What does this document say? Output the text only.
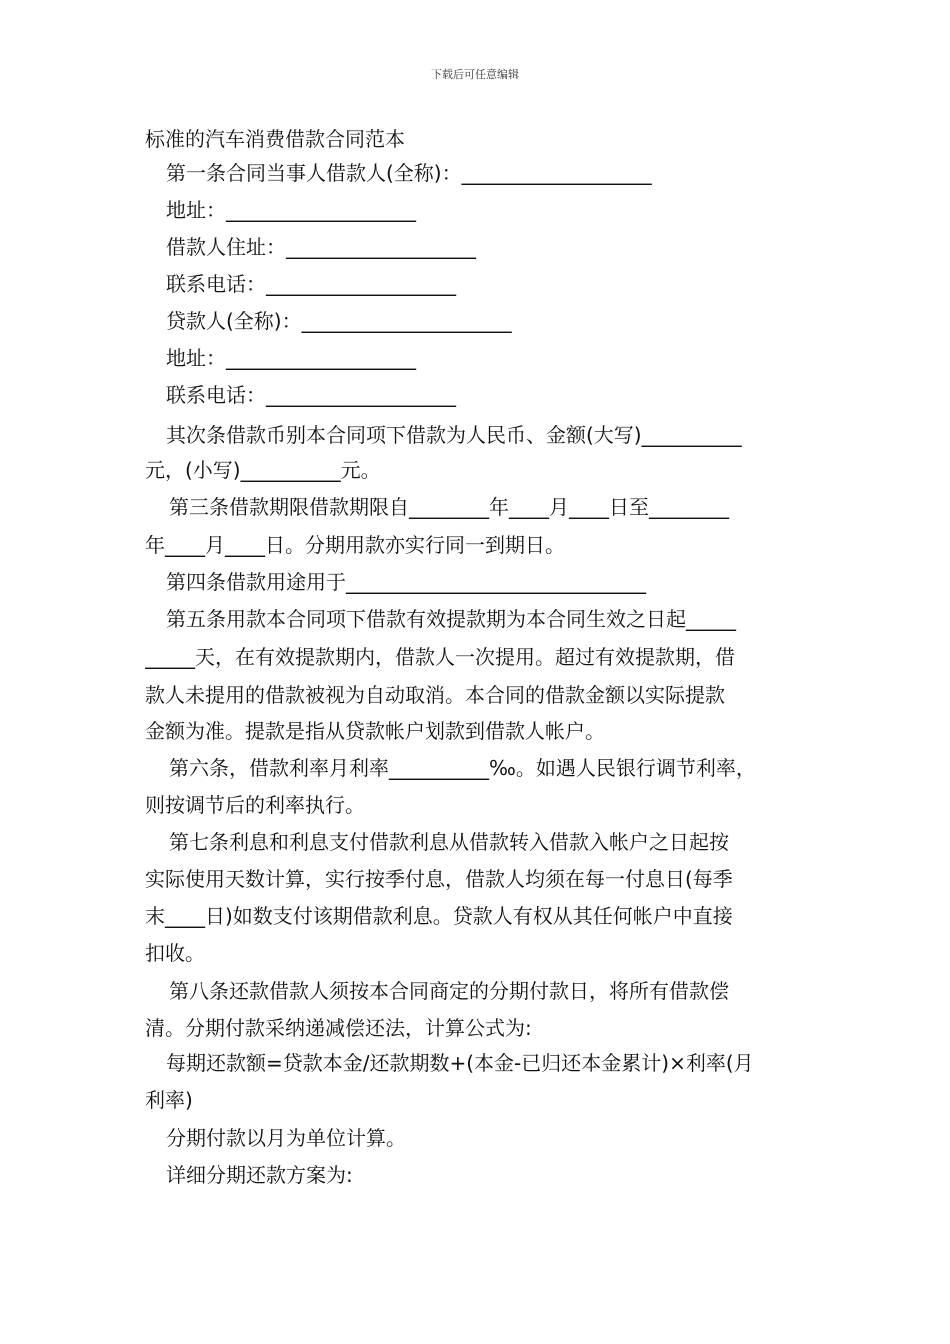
下载后可任意编辑
标准的汽车消费借款合同范本
第一条合同当事人借款人(全称)：___________________
地址：___________________
借款人住址：___________________
联系电话：___________________
贷款人(全称)：_____________________
地址：___________________
联系电话：___________________
其次条借款币别本合同项下借款为人民币、金额(大写)__________
元，(小写)__________元。
第三条借款期限借款期限自________年____月____日至________
年____月____日。分期用款亦实行同一到期日。
第四条借款用途用于______________________________
第五条用款本合同项下借款有效提款期为本合同生效之日起_____
_____天，在有效提款期内，借款人一次提用。超过有效提款期，借
款人未提用的借款被视为自动取消。本合同的借款金额以实际提款
金额为准。提款是指从贷款帐户划款到借款人帐户。
第六条，借款利率月利率__________‰。如遇人民银行调节利率，
则按调节后的利率执行。
第七条利息和利息支付借款利息从借款转入借款入帐户之日起按
实际使用天数计算，实行按季付息，借款人均须在每一付息日(每季
末____日)如数支付该期借款利息。贷款人有权从其任何帐户中直接
扣收。
第八条还款借款人须按本合同商定的分期付款日，将所有借款偿
清。分期付款采纳递减偿还法，计算公式为:
每期还款额=贷款本金/还款期数+(本金-已归还本金累计)×利率(月
利率)
分期付款以月为单位计算。
详细分期还款方案为:
